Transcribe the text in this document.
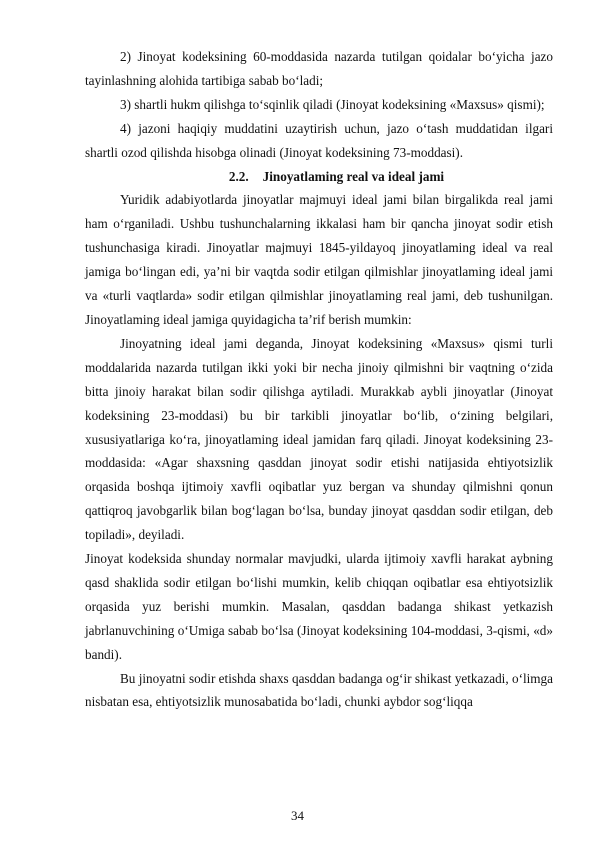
2) Jinoyat kodeksining 60-moddasida nazarda tutilgan qoidalar bo‘yicha jazo tayinlashning alohida tartibiga sabab bo‘ladi;

3) shartli hukm qilishga to‘sqinlik qiladi (Jinoyat kodeksining «Maxsus» qismi);

4) jazoni haqiqiy muddatini uzaytirish uchun, jazo o‘tash muddatidan ilgari shartli ozod qilishda hisobga olinadi (Jinoyat kodeksining 73-moddasi).

2.2. Jinoyatlaming real va ideal jami

Yuridik adabiyotlarda jinoyatlar majmuyi ideal jami bilan birgalikda real jami ham o‘rganiladi. Ushbu tushunchalarning ikkalasi ham bir qancha jinoyat sodir etish tushunchasiga kiradi. Jinoyatlar majmuyi 1845-yildayoq jinoyatlaming ideal va real jamiga bo‘lingan edi, ya’ni bir vaqtda sodir etilgan qilmishlar jinoyatlaming ideal jami va «turli vaqtlarda» sodir etilgan qilmishlar jinoyatlaming real jami, deb tushunilgan. Jinoyatlaming ideal jamiga quyidagicha ta’rif berish mumkin:

Jinoyatning ideal jami deganda, Jinoyat kodeksining «Maxsus» qismi turli moddalarida nazarda tutilgan ikki yoki bir necha jinoiy qilmishni bir vaqtning o‘zida bitta jinoiy harakat bilan sodir qilishga aytiladi. Murakkab aybli jinoyatlar (Jinoyat kodeksining 23-moddasi) bu bir tarkibli jinoyatlar bo‘lib, o‘zining belgilari, xususiyatlariga ko‘ra, jinoyatlaming ideal jamidan farq qiladi. Jinoyat kodeksining 23-moddasida: «Agar shaxsning qasddan jinoyat sodir etishi natijasida ehtiyotsizlik orqasida boshqa ijtimoiy xavfli oqibatlar yuz bergan va shunday qilmishni qonun qattiqroq javobgarlik bilan bog‘lagan bo‘lsa, bunday jinoyat qasddan sodir etilgan, deb topiladi», deyiladi.

Jinoyat kodeksida shunday normalar mavjudki, ularda ijtimoiy xavfli harakat aybning qasd shaklida sodir etilgan bo‘lishi mumkin, kelib chiqqan oqibatlar esa ehtiyotsizlik orqasida yuz berishi mumkin. Masalan, qasddan badanga shikast yetkazish jabrlanuvchining o‘Umiga sabab bo‘lsa (Jinoyat kodeksining 104-moddasi, 3-qismi, «d» bandi).

Bu jinoyatni sodir etishda shaxs qasddan badanga og‘ir shikast yetkazadi, o‘limga nisbatan esa, ehtiyotsizlik munosabatida bo‘ladi, chunki aybdor sog‘liqqa

34
